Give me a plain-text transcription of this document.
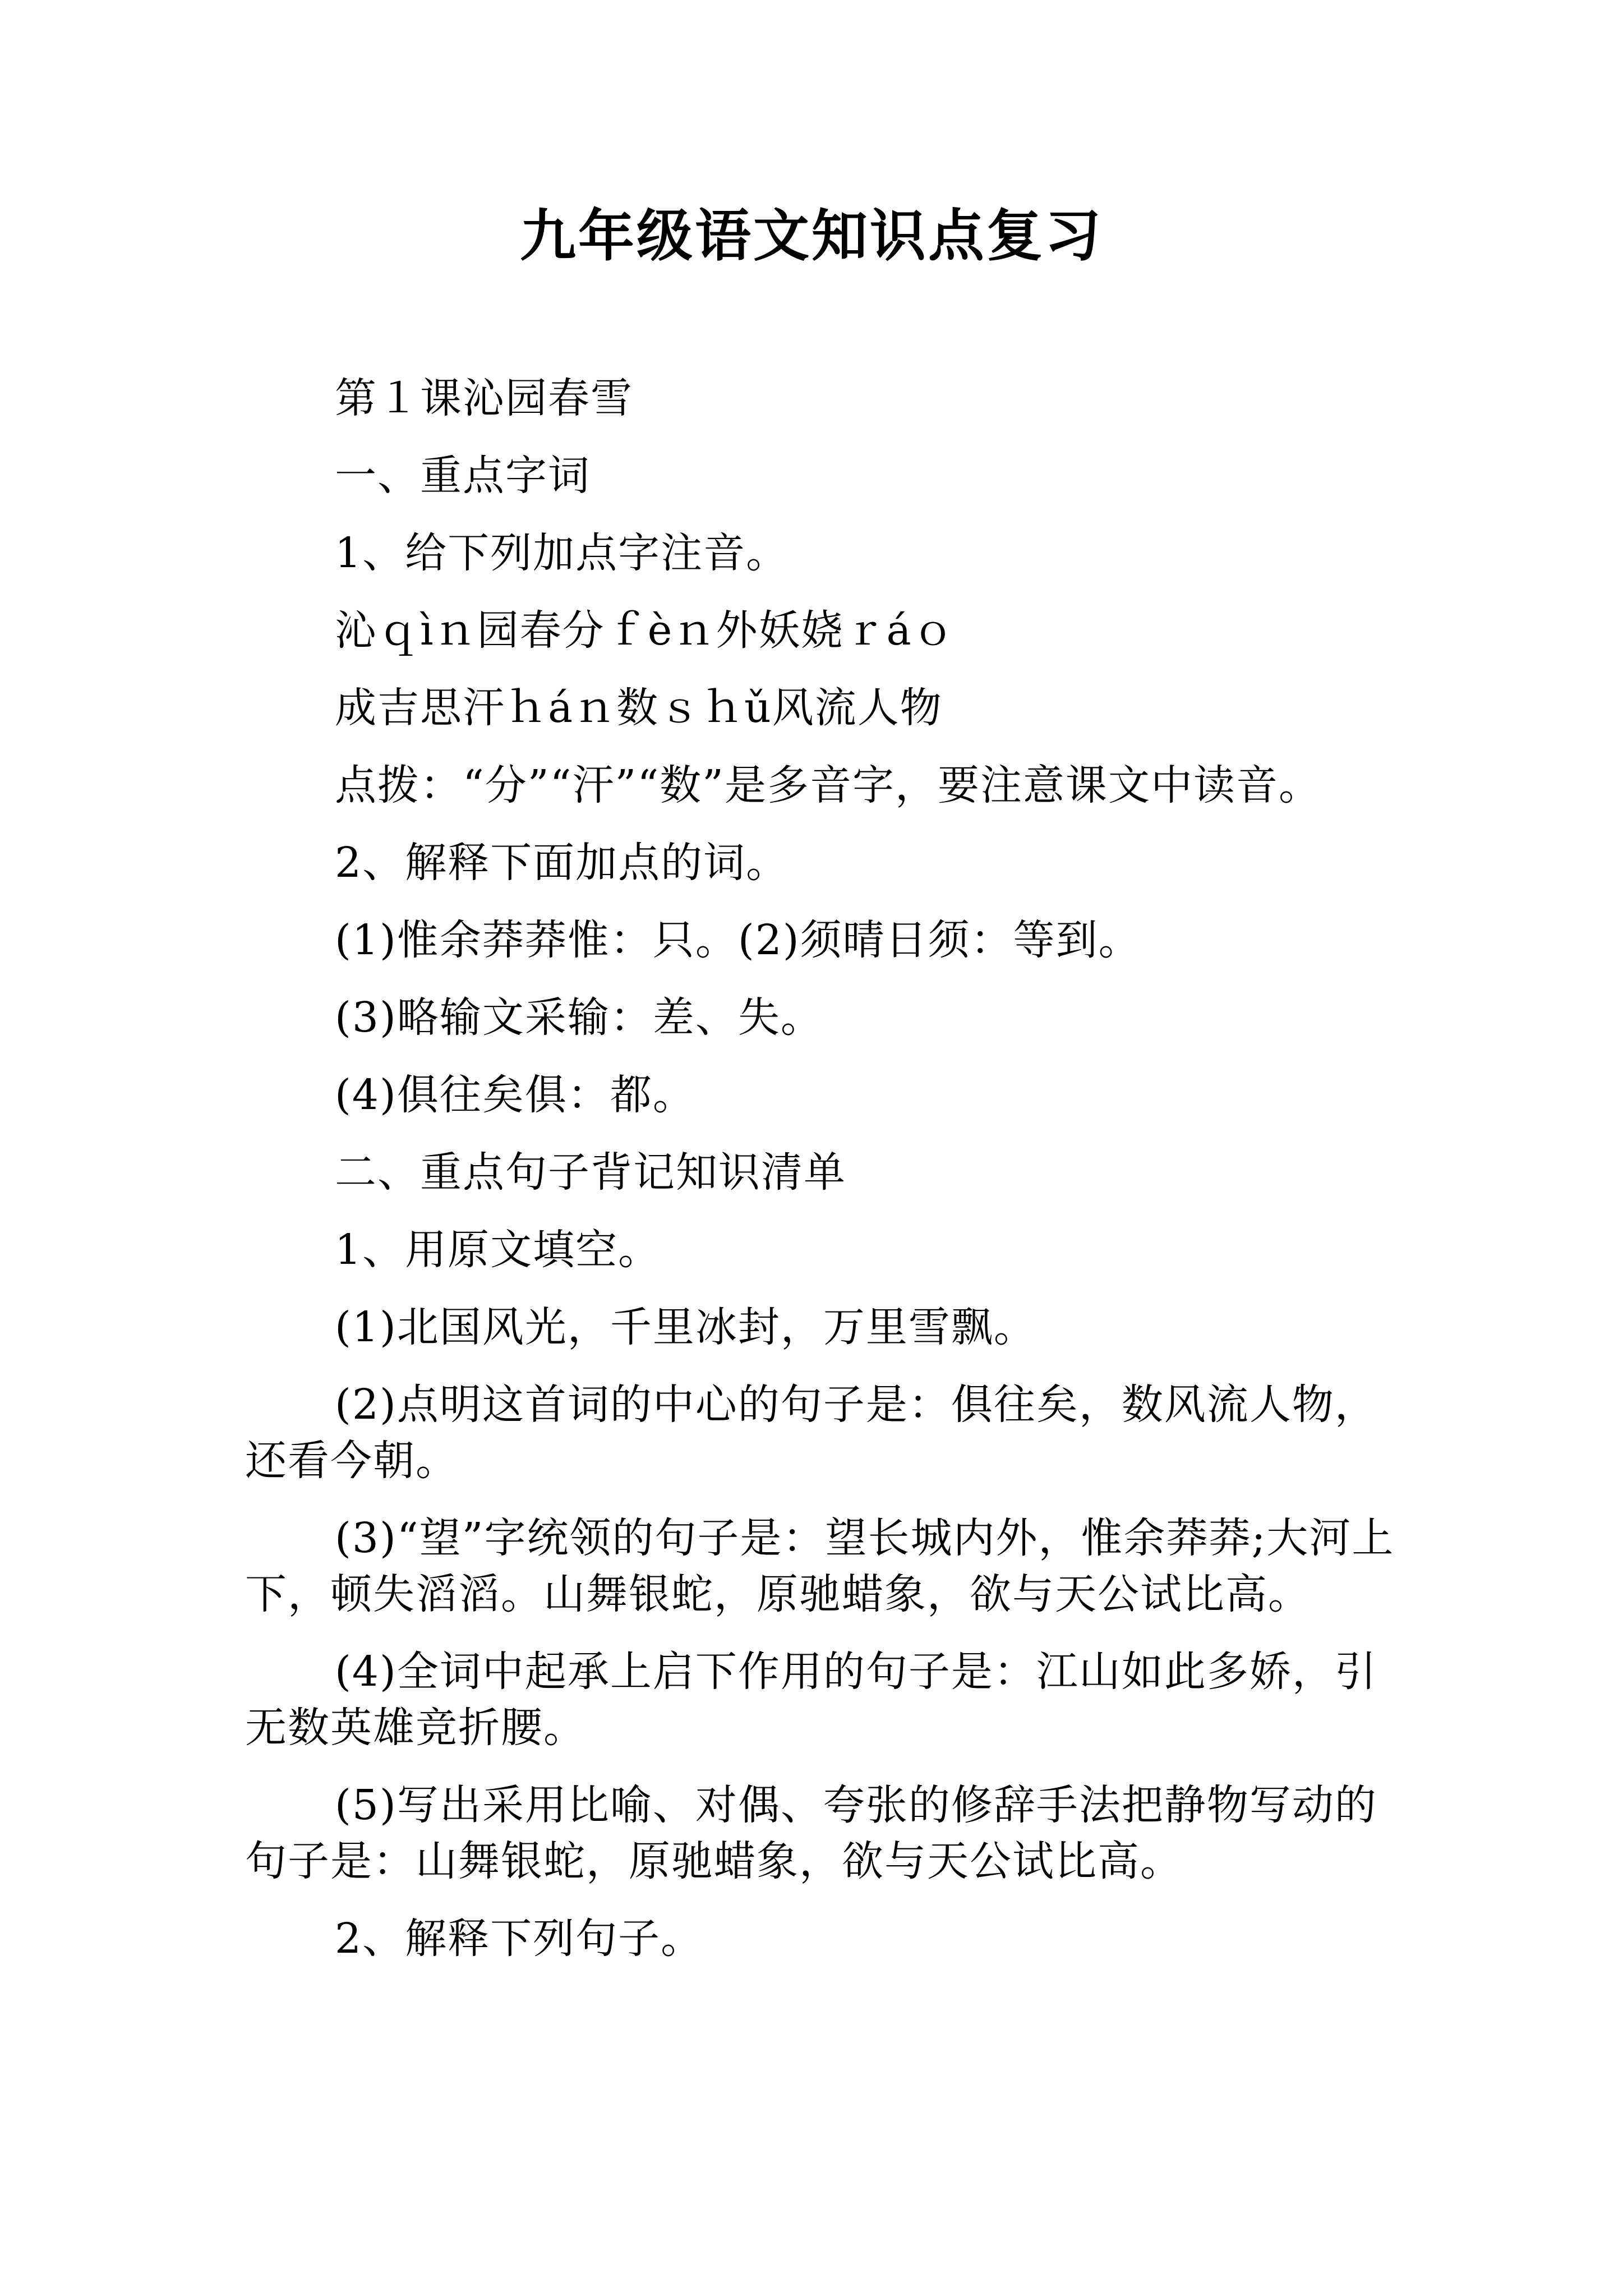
九年级语文知识点复习

第１课沁园春雪

一、重点字词

1、给下列加点字注音。

沁ｑìｎ园春分ｆèｎ外妖娆ｒáｏ

成吉思汗ｈáｎ数ｓｈǔ风流人物

点拨：“分”“汗”“数”是多音字，要注意课文中读音。

2、解释下面加点的词。

(1)惟余莽莽惟：只。(2)须晴日须：等到。

(3)略输文采输：差、失。

(4)俱往矣俱：都。

二、重点句子背记知识清单

1、用原文填空。

(1)北国风光，千里冰封，万里雪飘。

(2)点明这首词的中心的句子是：俱往矣，数风流人物，还看今朝。

(3)“望”字统领的句子是：望长城内外，惟余莽莽;大河上下，顿失滔滔。山舞银蛇，原驰蜡象，欲与天公试比高。

(4)全词中起承上启下作用的句子是：江山如此多娇，引无数英雄竞折腰。

(5)写出采用比喻、对偶、夸张的修辞手法把静物写动的句子是：山舞银蛇，原驰蜡象，欲与天公试比高。

2、解释下列句子。
